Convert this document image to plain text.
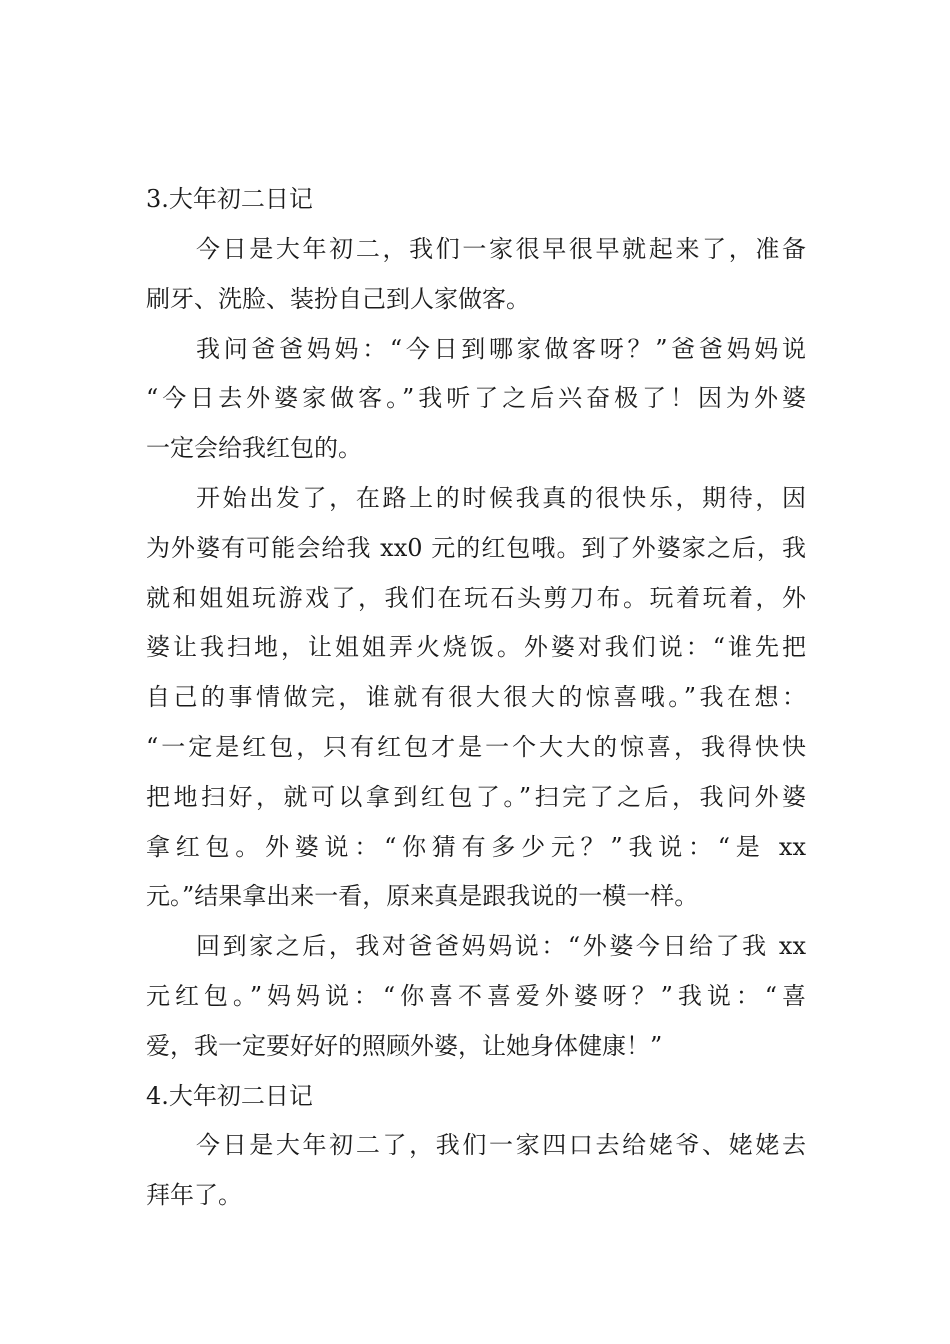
3.大年初二日记
今日是大年初二，我们一家很早很早就起来了，准备
刷牙、洗脸、装扮自己到人家做客。
我问爸爸妈妈：“今日到哪家做客呀？”爸爸妈妈说
“今日去外婆家做客。”我听了之后兴奋极了！因为外婆
一定会给我红包的。
开始出发了，在路上的时候我真的很快乐，期待，因
为外婆有可能会给我 xx0 元的红包哦。到了外婆家之后，我
就和姐姐玩游戏了，我们在玩石头剪刀布。玩着玩着，外
婆让我扫地，让姐姐弄火烧饭。外婆对我们说：“谁先把
自己的事情做完，谁就有很大很大的惊喜哦。”我在想：
“一定是红包，只有红包才是一个大大的惊喜，我得快快
把地扫好，就可以拿到红包了。”扫完了之后，我问外婆
拿红包。外婆说：“你猜有多少元？”我说：“是 xx
元。”结果拿出来一看，原来真是跟我说的一模一样。
回到家之后，我对爸爸妈妈说：“外婆今日给了我 xx
元红包。”妈妈说：“你喜不喜爱外婆呀？”我说：“喜
爱，我一定要好好的照顾外婆，让她身体健康！”
4.大年初二日记
今日是大年初二了，我们一家四口去给姥爷、姥姥去
拜年了。
